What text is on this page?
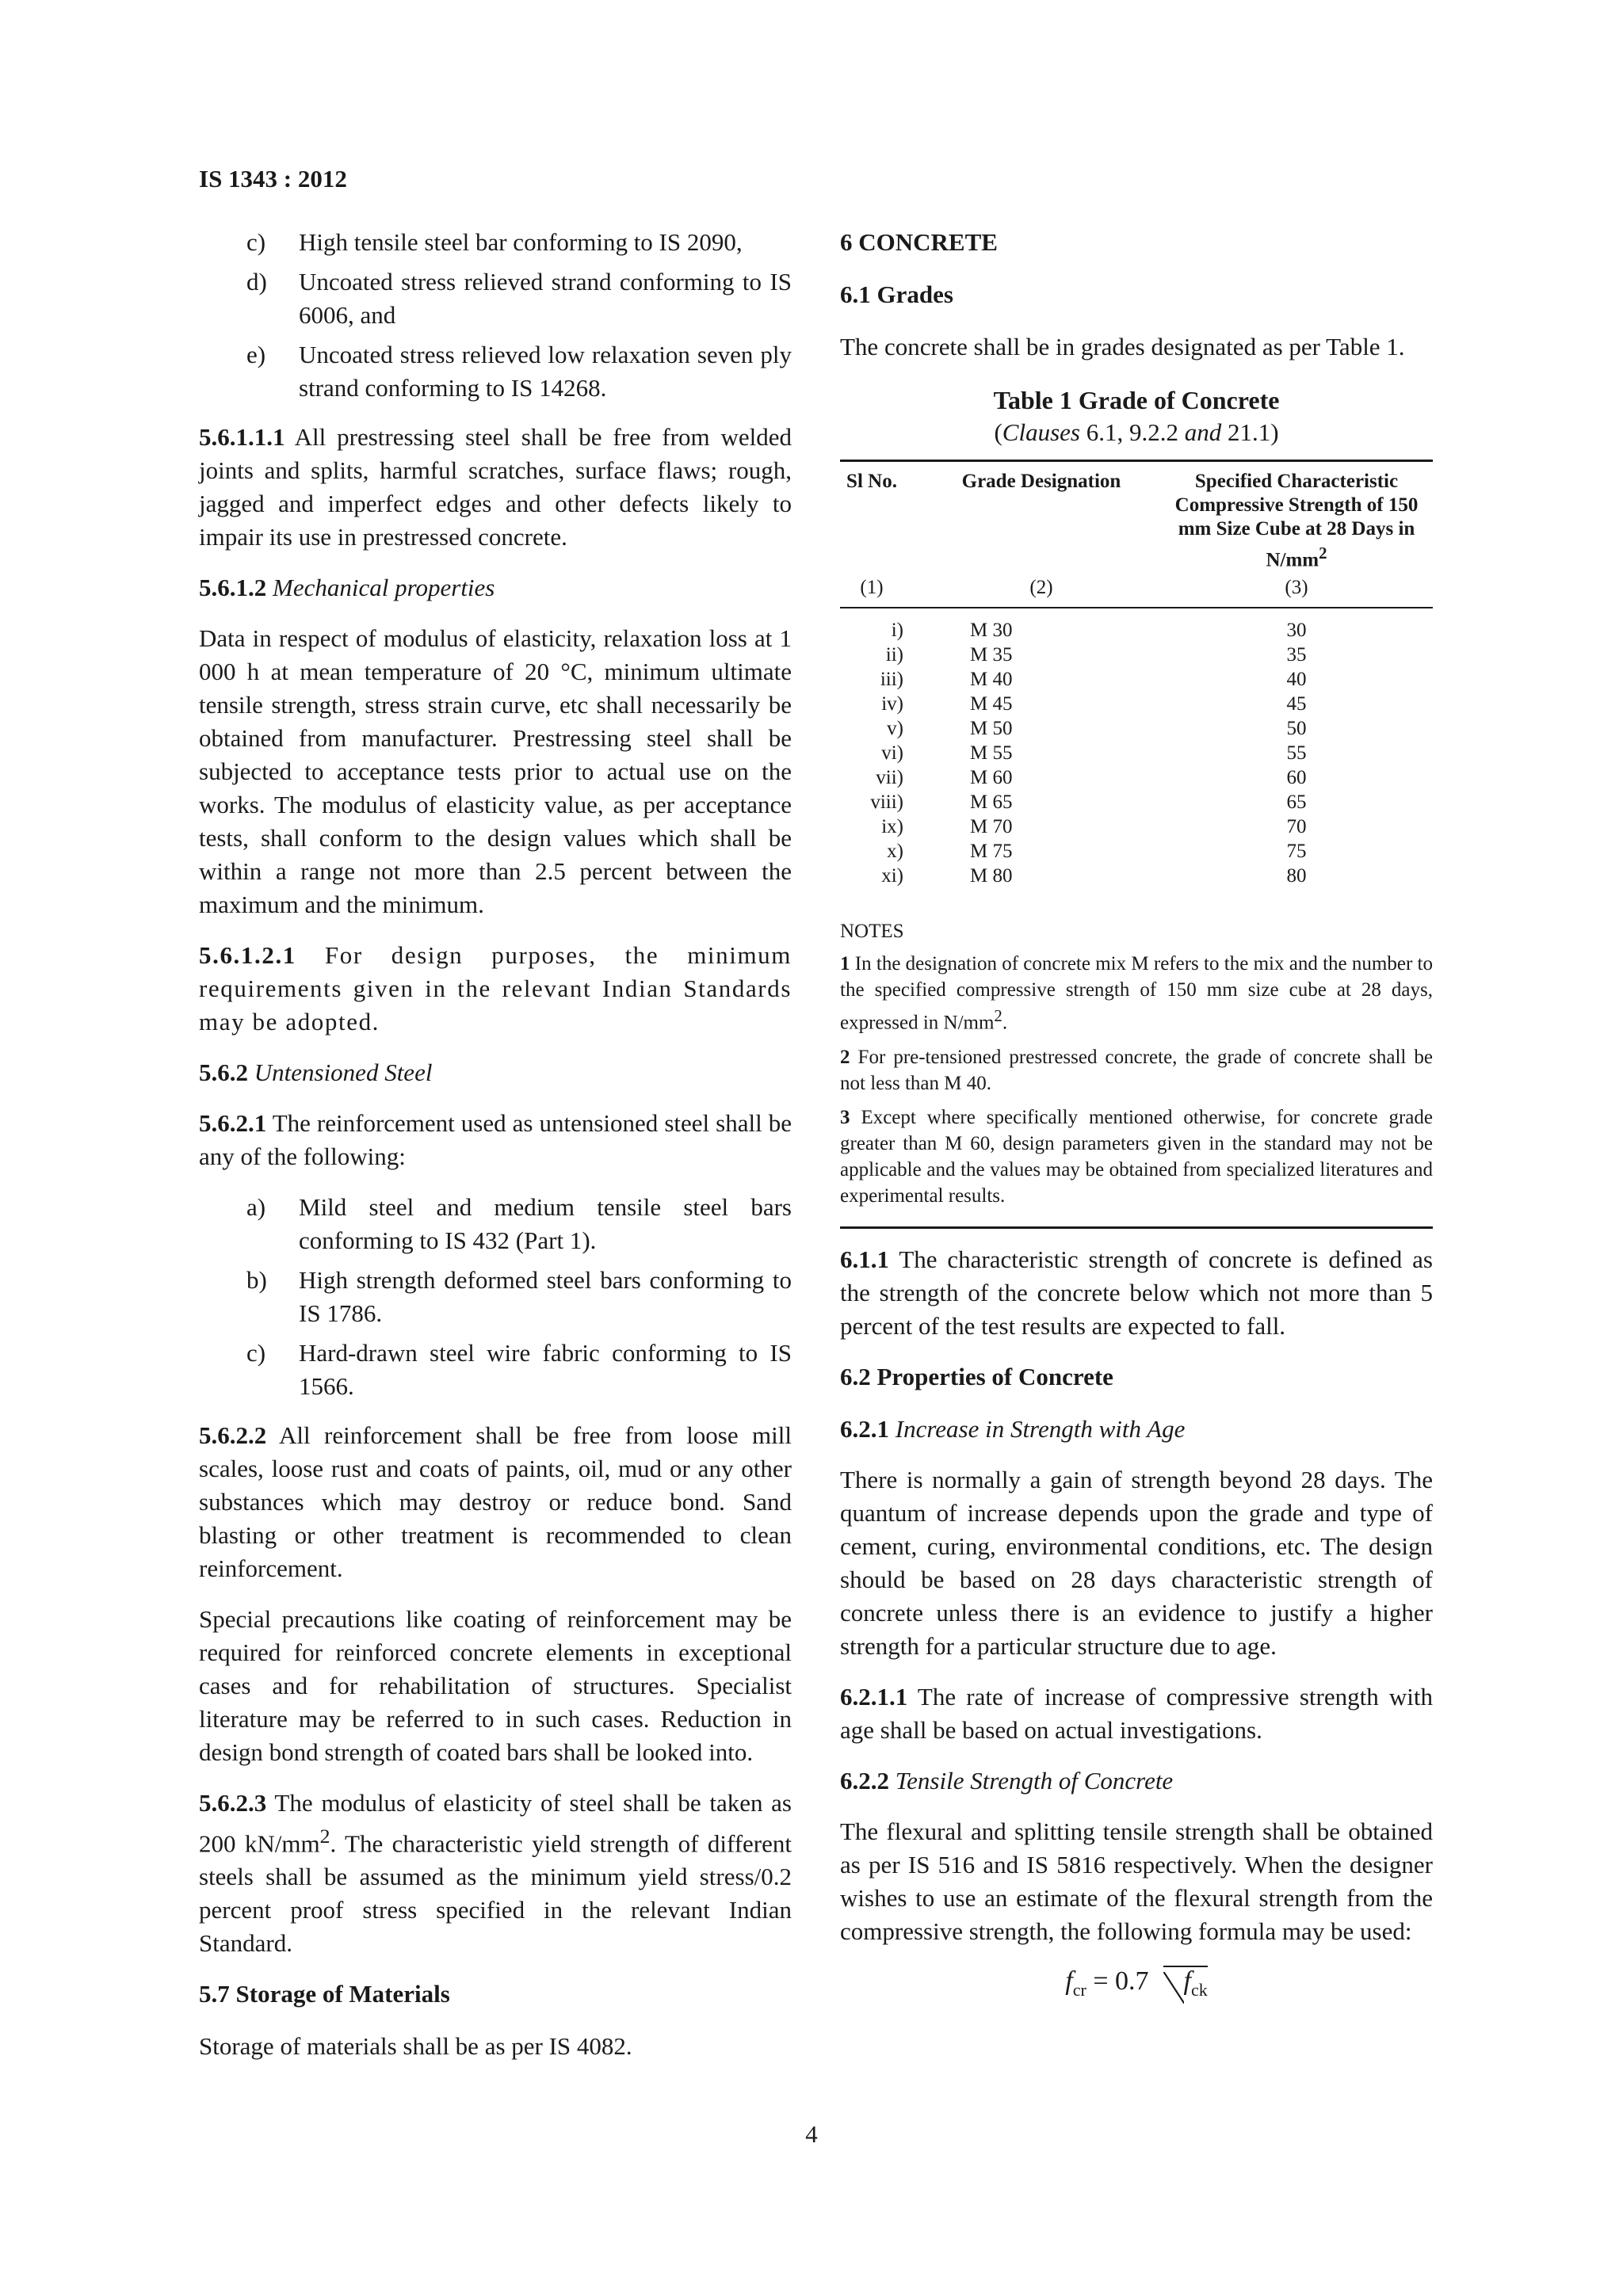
IS 1343 : 2012
c) High tensile steel bar conforming to IS 2090,
d) Uncoated stress relieved strand conforming to IS 6006, and
e) Uncoated stress relieved low relaxation seven ply strand conforming to IS 14268.

5.6.1.1.1 All prestressing steel shall be free from welded joints and splits, harmful scratches, surface flaws; rough, jagged and imperfect edges and other defects likely to impair its use in prestressed concrete.

5.6.1.2 Mechanical properties

Data in respect of modulus of elasticity, relaxation loss at 1 000 h at mean temperature of 20 °C, minimum ultimate tensile strength, stress strain curve, etc shall necessarily be obtained from manufacturer. Prestressing steel shall be subjected to acceptance tests prior to actual use on the works. The modulus of elasticity value, as per acceptance tests, shall conform to the design values which shall be within a range not more than 2.5 percent between the maximum and the minimum.

5.6.1.2.1 For design purposes, the minimum requirements given in the relevant Indian Standards may be adopted.

5.6.2 Untensioned Steel

5.6.2.1 The reinforcement used as untensioned steel shall be any of the following:

a) Mild steel and medium tensile steel bars conforming to IS 432 (Part 1).
b) High strength deformed steel bars conforming to IS 1786.
c) Hard-drawn steel wire fabric conforming to IS 1566.

5.6.2.2 All reinforcement shall be free from loose mill scales, loose rust and coats of paints, oil, mud or any other substances which may destroy or reduce bond. Sand blasting or other treatment is recommended to clean reinforcement.

Special precautions like coating of reinforcement may be required for reinforced concrete elements in exceptional cases and for rehabilitation of structures. Specialist literature may be referred to in such cases. Reduction in design bond strength of coated bars shall be looked into.

5.6.2.3 The modulus of elasticity of steel shall be taken as 200 $kN/mm^2$. The characteristic yield strength of different steels shall be assumed as the minimum yield stress/0.2 percent proof stress specified in the relevant Indian Standard.

5.7 Storage of Materials

Storage of materials shall be as per IS 4082.

6 CONCRETE

6.1 Grades

The concrete shall be in grades designated as per Table 1.

Table 1 Grade of Concrete
(Clauses 6.1, 9.2.2 and 21.1)
Sl No.	Grade Designation	Specified Characteristic Compressive Strength of 150 mm Size Cube at 28 Days in $N/mm^2$
(1)	(2)	(3)
i)	M 30	30
ii)	M 35	35
iii)	M 40	40
iv)	M 45	45
v)	M 50	50
vi)	M 55	55
vii)	M 60	60
viii)	M 65	65
ix)	M 70	70
x)	M 75	75
xi)	M 80	80
NOTES
1 In the designation of concrete mix M refers to the mix and the number to the specified compressive strength of 150 mm size cube at 28 days, expressed in $N/mm^2$.
2 For pre-tensioned prestressed concrete, the grade of concrete shall be not less than M 40.
3 Except where specifically mentioned otherwise, for concrete grade greater than M 60, design parameters given in the standard may not be applicable and the values may be obtained from specialized literatures and experimental results.

6.1.1 The characteristic strength of concrete is defined as the strength of the concrete below which not more than 5 percent of the test results are expected to fall.

6.2 Properties of Concrete

6.2.1 Increase in Strength with Age

There is normally a gain of strength beyond 28 days. The quantum of increase depends upon the grade and type of cement, curing, environmental conditions, etc. The design should be based on 28 days characteristic strength of concrete unless there is an evidence to justify a higher strength for a particular structure due to age.

6.2.1.1 The rate of increase of compressive strength with age shall be based on actual investigations.

6.2.2 Tensile Strength of Concrete

The flexural and splitting tensile strength shall be obtained as per IS 516 and IS 5816 respectively. When the designer wishes to use an estimate of the flexural strength from the compressive strength, the following formula may be used:

$f_{cr} = 0.7$ $f_{ck}$
4
